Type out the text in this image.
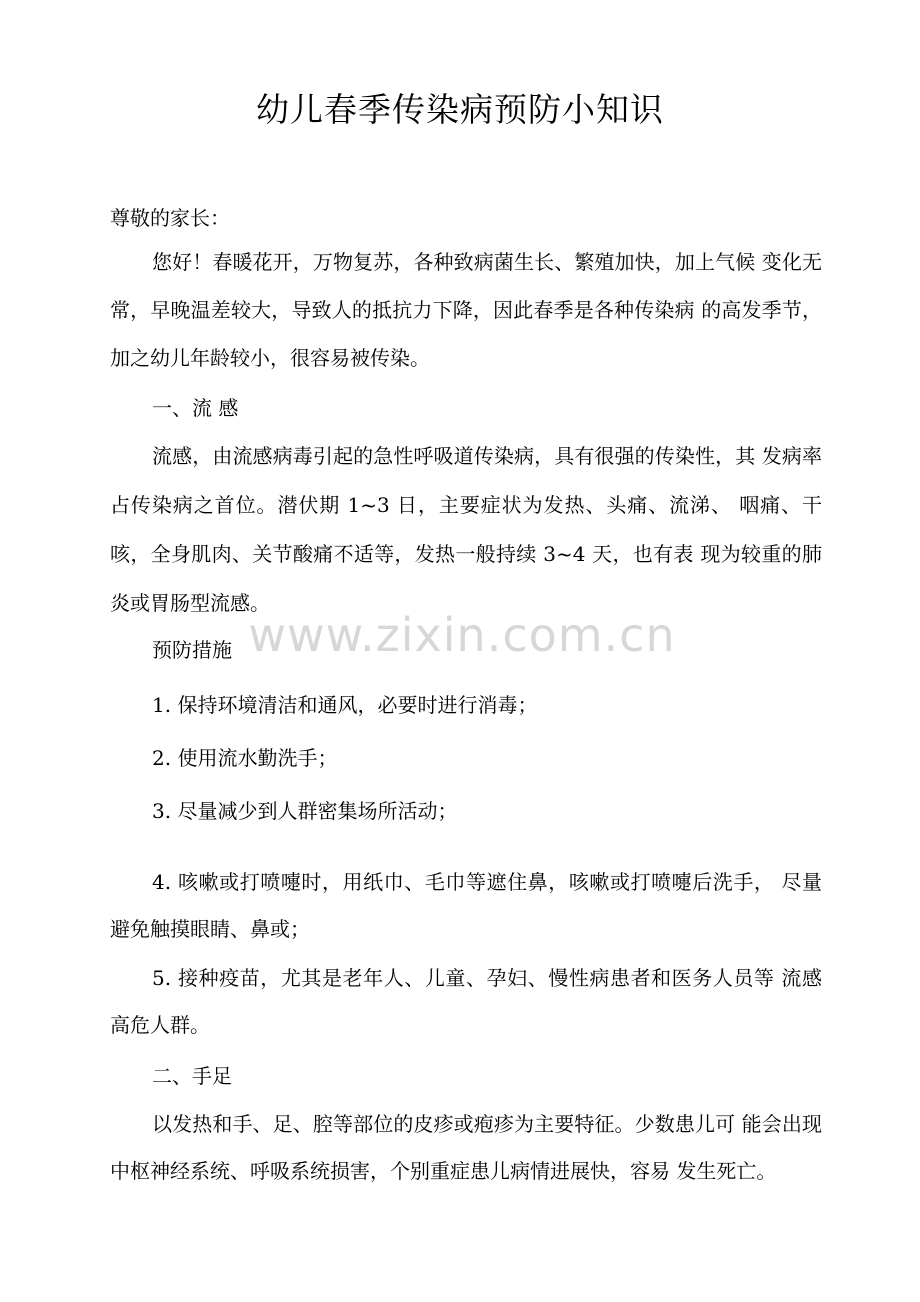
幼儿春季传染病预防小知识

尊敬的家长：

您好！春暖花开，万物复苏，各种致病菌生长、繁殖加快，加上气候 变化无常，早晚温差较大，导致人的抵抗力下降，因此春季是各种传染病 的高发季节，加之幼儿年龄较小，很容易被传染。

一、流 感

流感，由流感病毒引起的急性呼吸道传染病，具有很强的传染性，其 发病率占传染病之首位。潜伏期 1~3 日，主要症状为发热、头痛、流涕、 咽痛、干咳，全身肌肉、关节酸痛不适等，发热一般持续 3~4 天，也有表 现为较重的肺炎或胃肠型流感。

预防措施

1. 保持环境清洁和通风，必要时进行消毒；

2. 使用流水勤洗手；

3. 尽量减少到人群密集场所活动；

4. 咳嗽或打喷嚏时，用纸巾、毛巾等遮住鼻，咳嗽或打喷嚏后洗手， 尽量避免触摸眼睛、鼻或；

5. 接种疫苗，尤其是老年人、儿童、孕妇、慢性病患者和医务人员等 流感高危人群。

二、手足

以发热和手、足、腔等部位的皮疹或疱疹为主要特征。少数患儿可 能会出现中枢神经系统、呼吸系统损害，个别重症患儿病情进展快，容易 发生死亡。

www.zixin.com.cn
